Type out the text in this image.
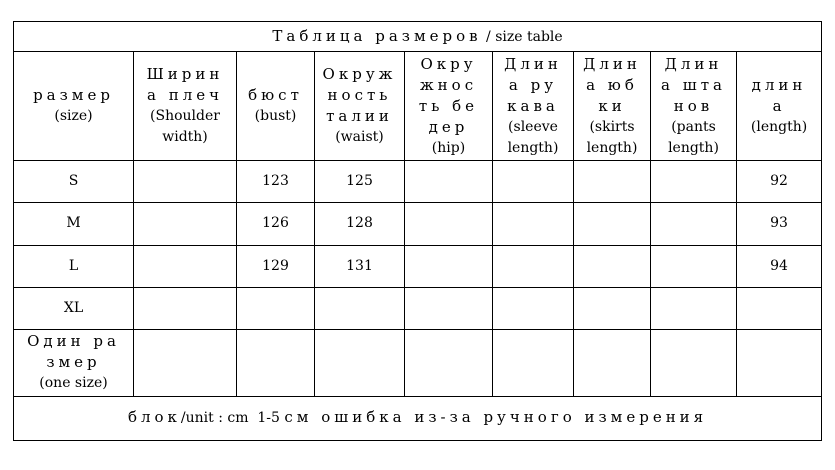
Таблица размеров / size table								

размер
(size)	Ширин
а плеч
(Shoulder
width)	бюст
(bust)	Окруж
ность
талии
(waist)	Окру
жнос
ть бе
дер
(hip)	Длин
а ру
кава
(sleeve
length)	Длин
а юб
ки
(skirts
length)	Длин
а шта
нов
(pants
length)	длин
а
(length)

S		123	125					92
M		126	128					93
L		129	131					94
XL								

Один ра
змер
(one size)								

блок/unit : cm  1-5 см ошибка из-за ручного измерения								
